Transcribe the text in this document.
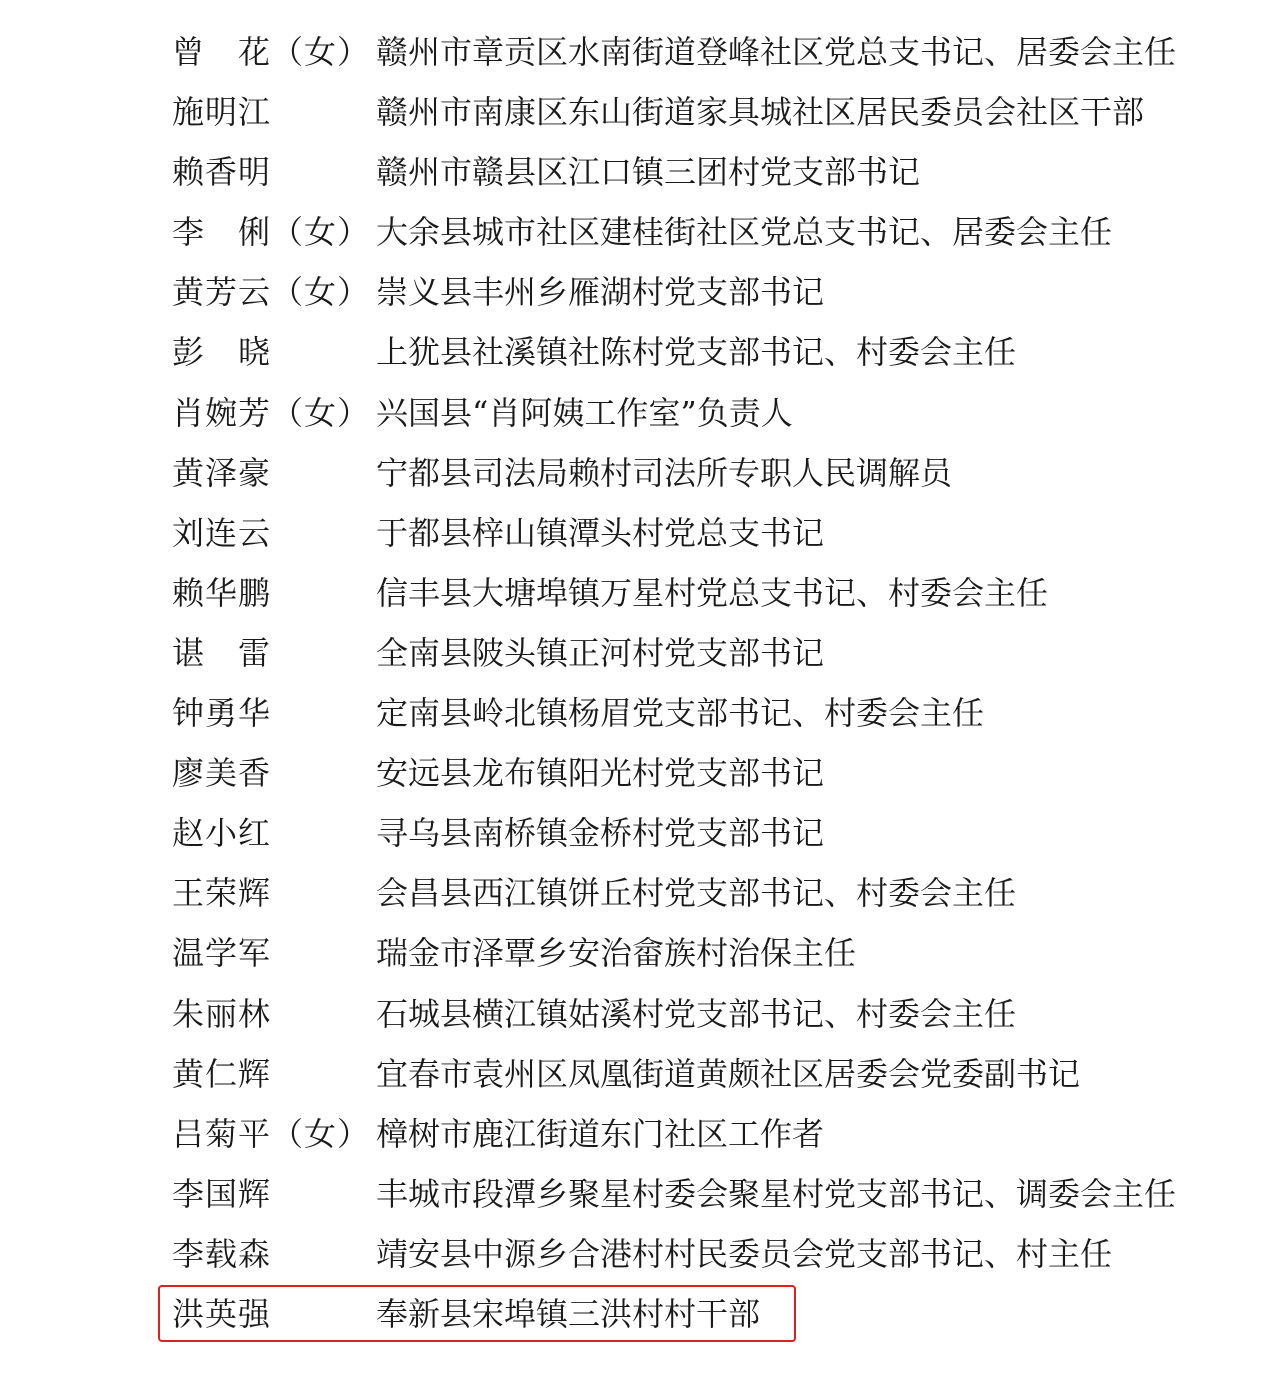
曾　花（女） 赣州市章贡区水南街道登峰社区党总支书记、居委会主任
施明江	赣州市南康区东山街道家具城社区居民委员会社区干部
赖香明	赣州市赣县区江口镇三团村党支部书记
李　俐（女） 大余县城市社区建桂街社区党总支书记、居委会主任
黄芳云（女） 崇义县丰州乡雁湖村党支部书记
彭　晓	上犹县社溪镇社陈村党支部书记、村委会主任
肖婉芳（女） 兴国县“肖阿姨工作室”负责人
黄泽豪	宁都县司法局赖村司法所专职人民调解员
刘连云	于都县梓山镇潭头村党总支书记
赖华鹏	信丰县大塘埠镇万星村党总支书记、村委会主任
谌　雷	全南县陂头镇正河村党支部书记
钟勇华	定南县岭北镇杨眉党支部书记、村委会主任
廖美香	安远县龙布镇阳光村党支部书记
赵小红	寻乌县南桥镇金桥村党支部书记
王荣辉	会昌县西江镇饼丘村党支部书记、村委会主任
温学军	瑞金市泽覃乡安治畲族村治保主任
朱丽林	石城县横江镇姑溪村党支部书记、村委会主任
黄仁辉	宜春市袁州区凤凰街道黄颇社区居委会党委副书记
吕菊平（女） 樟树市鹿江街道东门社区工作者
李国辉	丰城市段潭乡聚星村委会聚星村党支部书记、调委会主任
李载森	靖安县中源乡合港村村民委员会党支部书记、村主任
洪英强	奉新县宋埠镇三洪村村干部
